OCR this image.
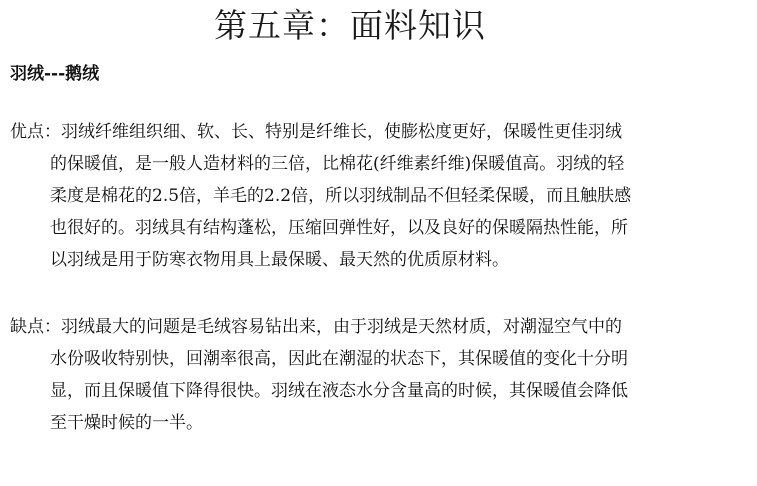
第五章：面料知识
羽绒---鹅绒
优点：羽绒纤维组织细、软、长、特别是纤维长，使膨松度更好，保暖性更佳羽绒
的保暖值，是一般人造材料的三倍，比棉花(纤维素纤维)保暖值高。羽绒的轻
柔度是棉花的2.5倍，羊毛的2.2倍，所以羽绒制品不但轻柔保暖，而且触肤感
也很好的。羽绒具有结构蓬松，压缩回弹性好，以及良好的保暖隔热性能，所
以羽绒是用于防寒衣物用具上最保暖、最天然的优质原材料。
缺点：羽绒最大的问题是毛绒容易钻出来，由于羽绒是天然材质，对潮湿空气中的
水份吸收特别快，回潮率很高，因此在潮湿的状态下，其保暖值的变化十分明
显，而且保暖值下降得很快。羽绒在液态水分含量高的时候，其保暖值会降低
至干燥时候的一半。
